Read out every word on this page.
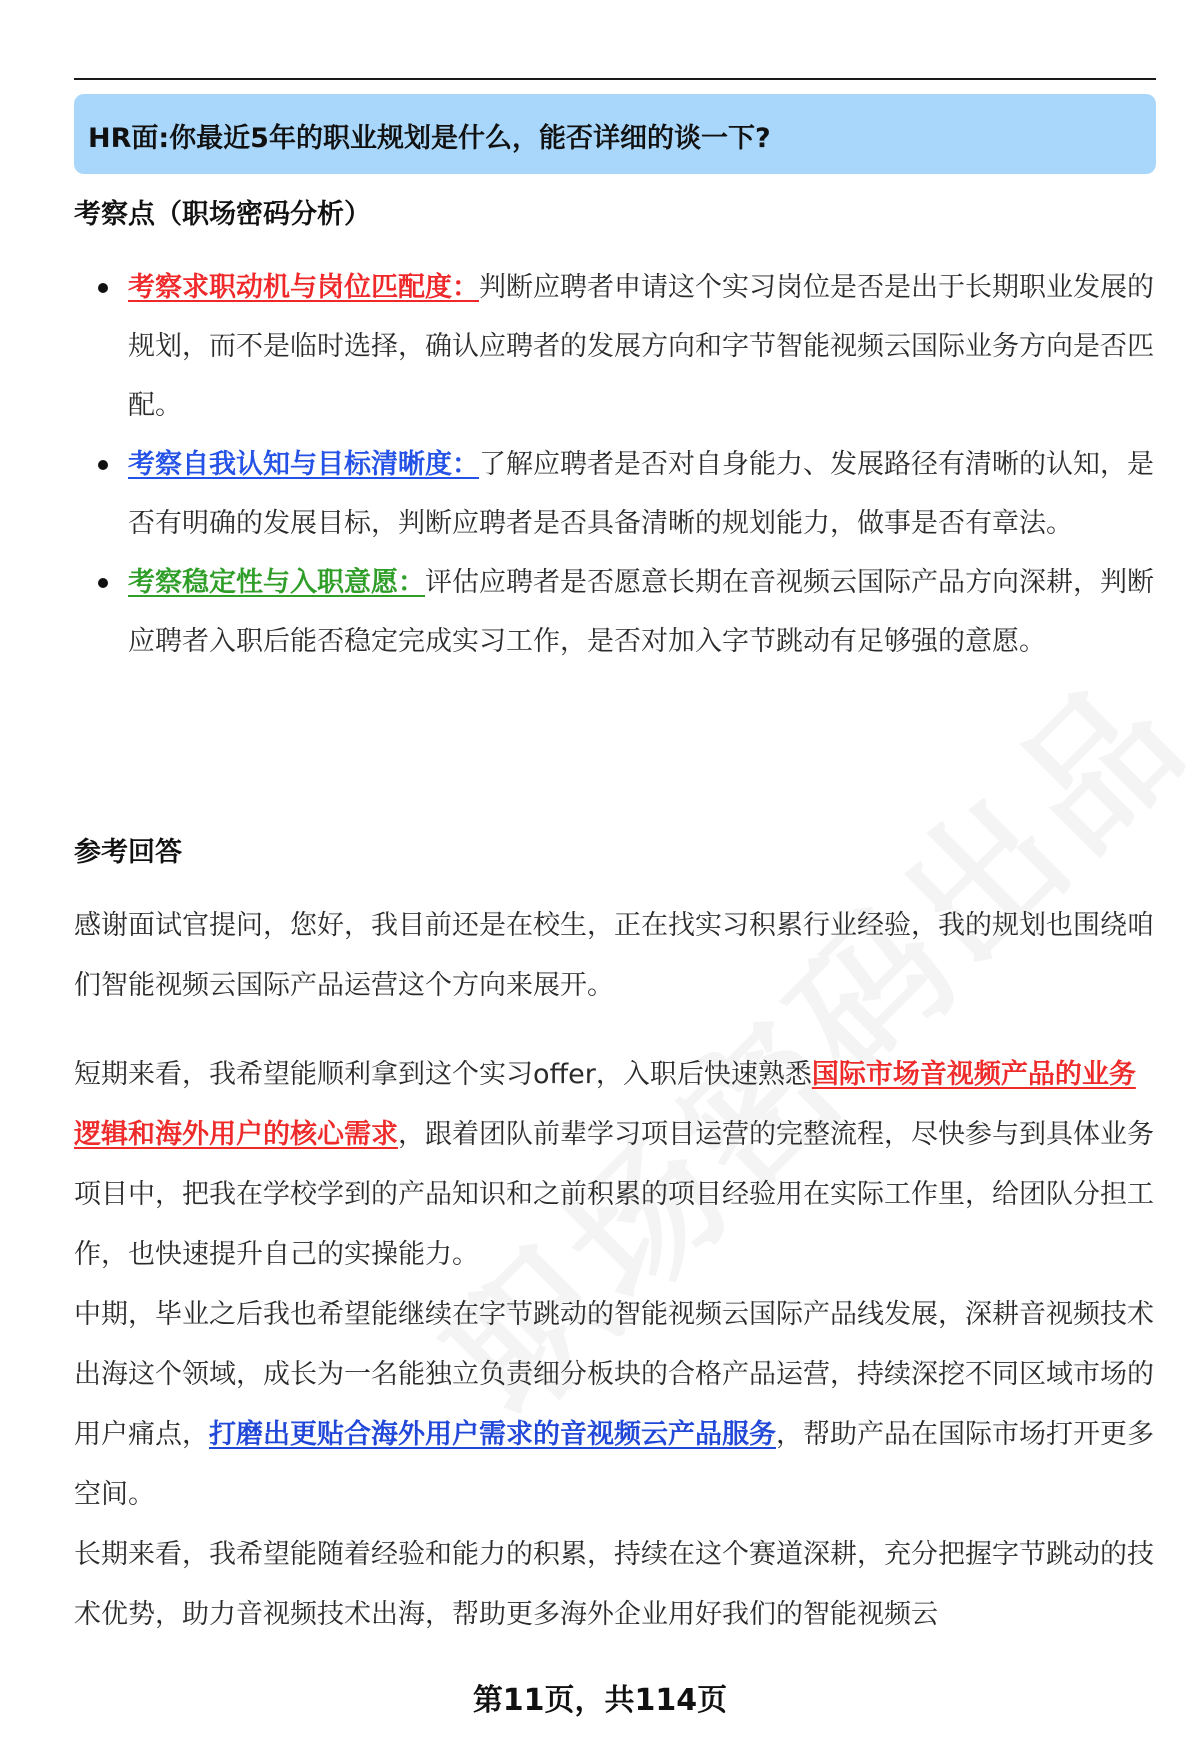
HR面:你最近5年的职业规划是什么，能否详细的谈一下?
考察点（职场密码分析）
考察求职动机与岗位匹配度：判断应聘者申请这个实习岗位是否是出于长期职业发展的规划，而不是临时选择，确认应聘者的发展方向和字节智能视频云国际业务方向是否匹配。
考察自我认知与目标清晰度：了解应聘者是否对自身能力、发展路径有清晰的认知，是否有明确的发展目标，判断应聘者是否具备清晰的规划能力，做事是否有章法。
考察稳定性与入职意愿：评估应聘者是否愿意长期在音视频云国际产品方向深耕，判断应聘者入职后能否稳定完成实习工作，是否对加入字节跳动有足够强的意愿。
参考回答
感谢面试官提问，您好，我目前还是在校生，正在找实习积累行业经验，我的规划也围绕咱们智能视频云国际产品运营这个方向来展开。
短期来看，我希望能顺利拿到这个实习offer，入职后快速熟悉国际市场音视频产品的业务逻辑和海外用户的核心需求，跟着团队前辈学习项目运营的完整流程，尽快参与到具体业务项目中，把我在学校学到的产品知识和之前积累的项目经验用在实际工作里，给团队分担工作，也快速提升自己的实操能力。
中期，毕业之后我也希望能继续在字节跳动的智能视频云国际产品线发展，深耕音视频技术出海这个领域，成长为一名能独立负责细分板块的合格产品运营，持续深挖不同区域市场的用户痛点，打磨出更贴合海外用户需求的音视频云产品服务，帮助产品在国际市场打开更多空间。
长期来看，我希望能随着经验和能力的积累，持续在这个赛道深耕，充分把握字节跳动的技术优势，助力音视频技术出海，帮助更多海外企业用好我们的智能视频云
第11页，共114页
